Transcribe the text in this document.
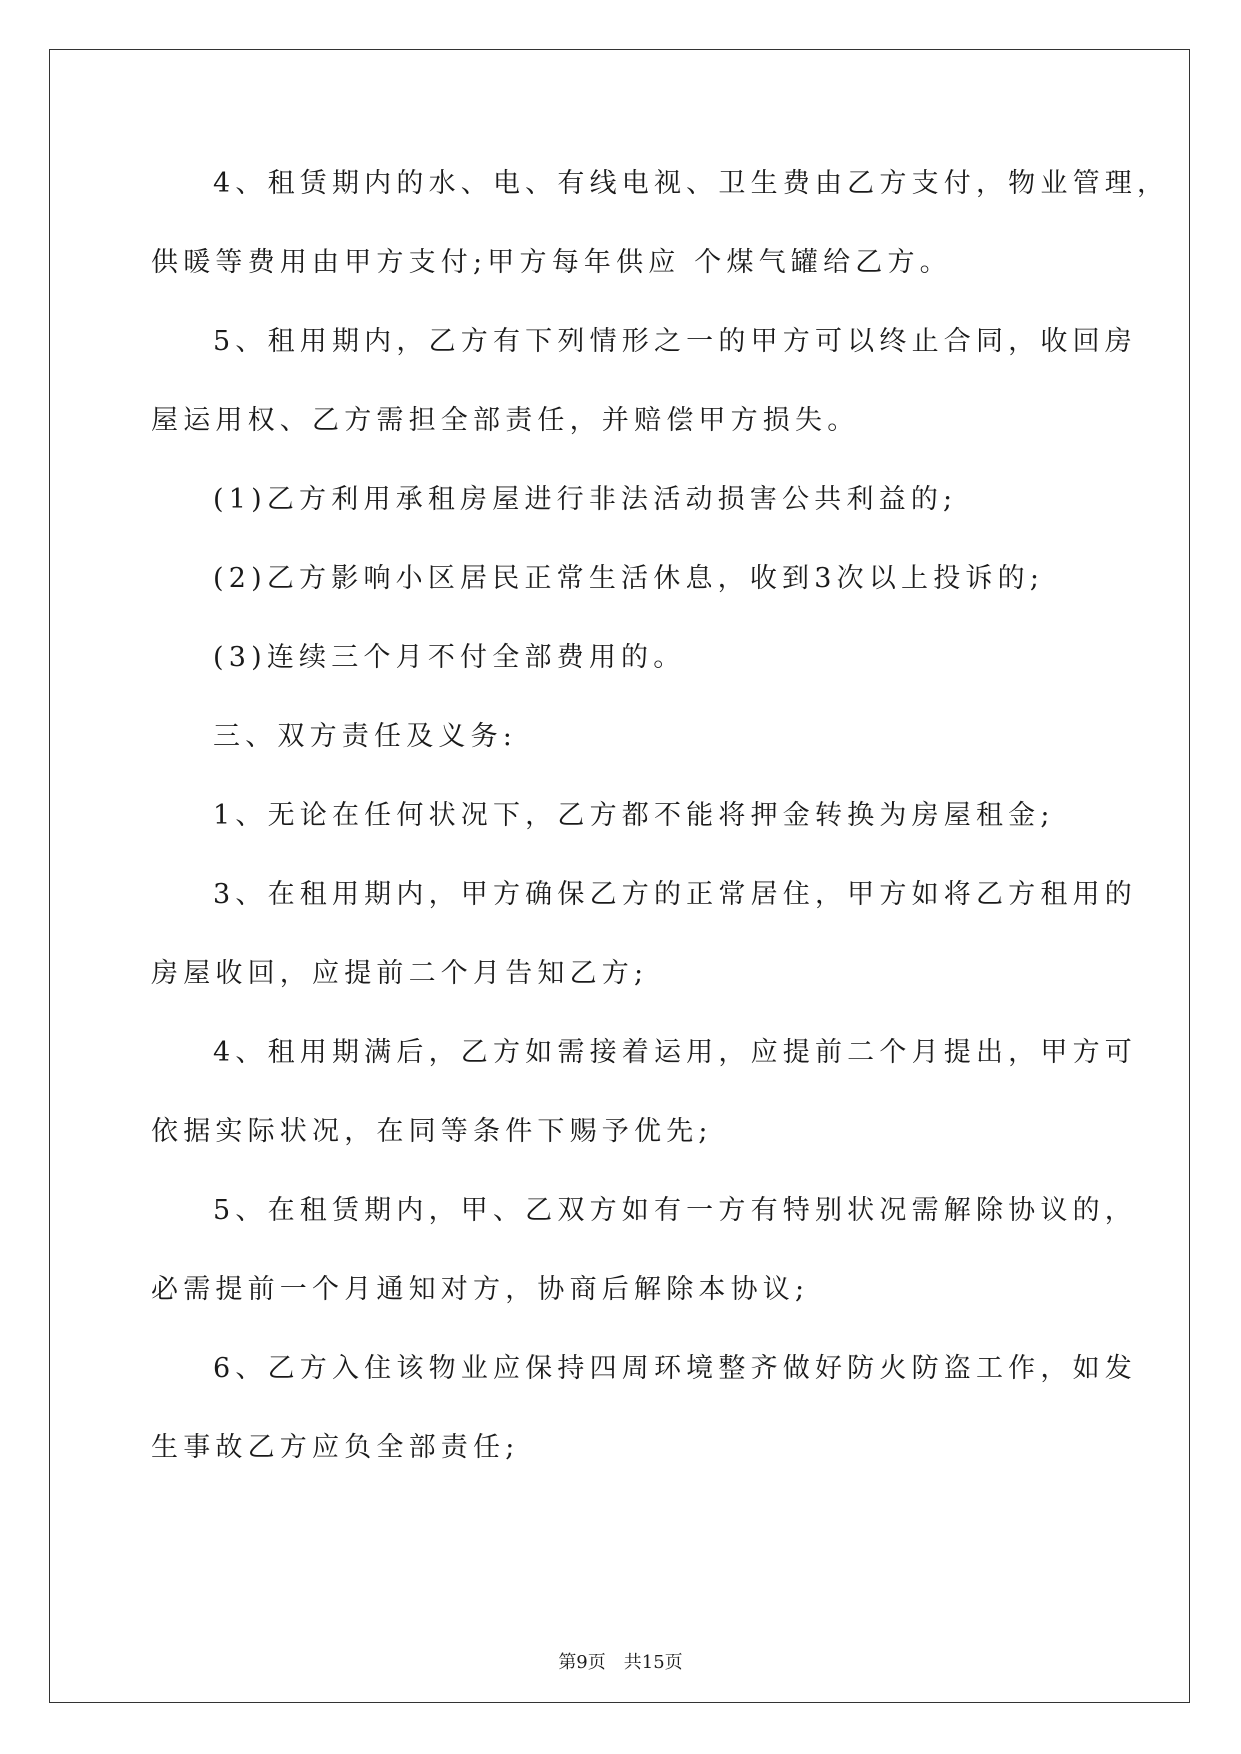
4、租赁期内的水、电、有线电视、卫生费由乙方支付，物业管理，
供暖等费用由甲方支付;甲方每年供应 个煤气罐给乙方。
5、租用期内，乙方有下列情形之一的甲方可以终止合同，收回房
屋运用权、乙方需担全部责任，并赔偿甲方损失。
(1)乙方利用承租房屋进行非法活动损害公共利益的;
(2)乙方影响小区居民正常生活休息，收到3次以上投诉的;
(3)连续三个月不付全部费用的。
三、双方责任及义务:
1、无论在任何状况下，乙方都不能将押金转换为房屋租金;
3、在租用期内，甲方确保乙方的正常居住，甲方如将乙方租用的
房屋收回，应提前二个月告知乙方;
4、租用期满后，乙方如需接着运用，应提前二个月提出，甲方可
依据实际状况，在同等条件下赐予优先;
5、在租赁期内，甲、乙双方如有一方有特别状况需解除协议的，
必需提前一个月通知对方，协商后解除本协议;
6、乙方入住该物业应保持四周环境整齐做好防火防盗工作，如发
生事故乙方应负全部责任;
第9页 共15页
